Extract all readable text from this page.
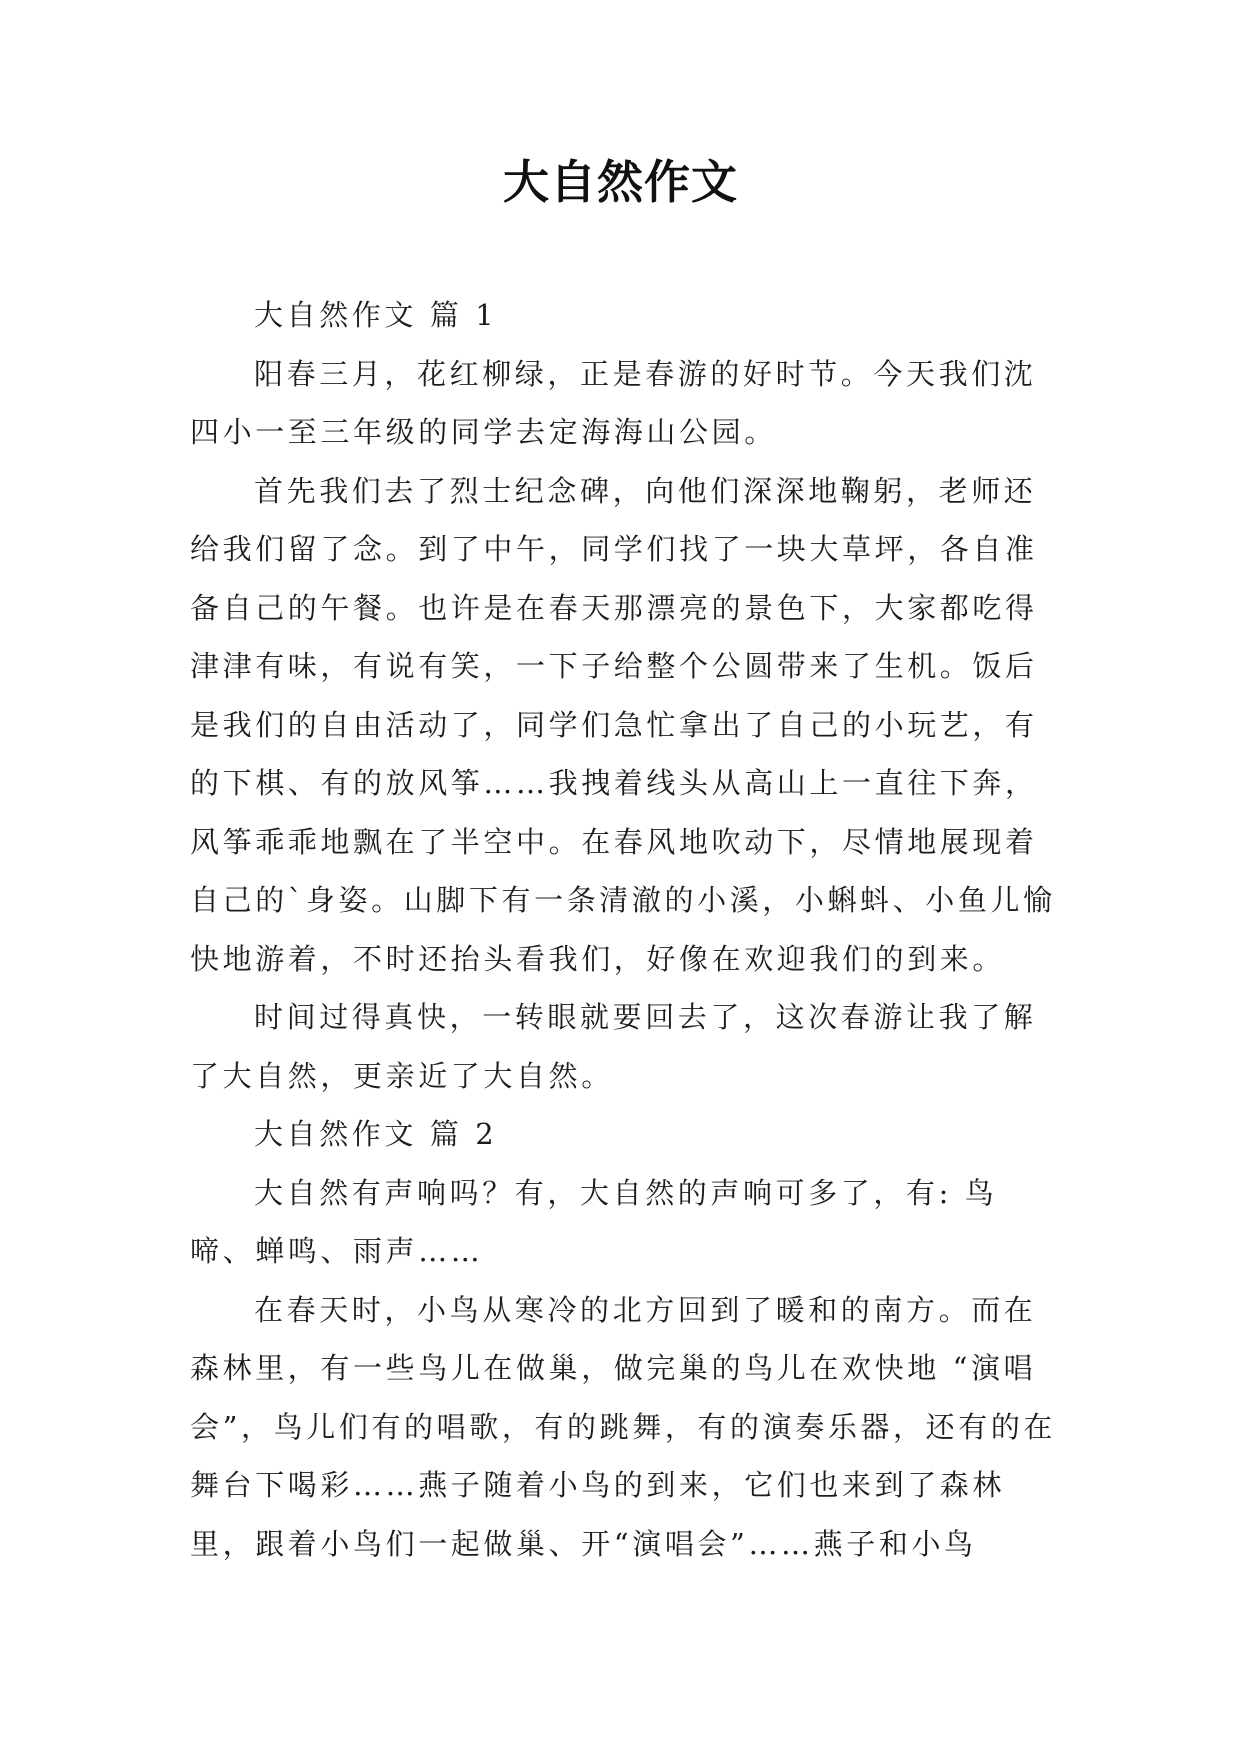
大自然作文

大自然作文 篇 1

阳春三月，花红柳绿，正是春游的好时节。今天我们沈四小一至三年级的同学去定海海山公园。

首先我们去了烈士纪念碑，向他们深深地鞠躬，老师还给我们留了念。到了中午，同学们找了一块大草坪，各自准备自己的午餐。也许是在春天那漂亮的景色下，大家都吃得津津有味，有说有笑，一下子给整个公圆带来了生机。饭后是我们的自由活动了，同学们急忙拿出了自己的小玩艺，有的下棋、有的放风筝……我拽着线头从高山上一直往下奔，风筝乖乖地飘在了半空中。在春风地吹动下，尽情地展现着自己的`身姿。山脚下有一条清澈的小溪，小蝌蚪、小鱼儿愉快地游着，不时还抬头看我们，好像在欢迎我们的到来。

时间过得真快，一转眼就要回去了，这次春游让我了解了大自然，更亲近了大自然。

大自然作文 篇 2

大自然有声响吗？有，大自然的声响可多了，有: 鸟啼、蝉鸣、雨声……

在春天时，小鸟从寒冷的北方回到了暖和的南方。而在森林里，有一些鸟儿在做巢，做完巢的鸟儿在欢快地 “演唱会”，鸟儿们有的唱歌，有的跳舞，有的演奏乐器，还有的在舞台下喝彩……燕子随着小鸟的到来，它们也来到了森林里，跟着小鸟们一起做巢、开“演唱会”……燕子和小鸟
